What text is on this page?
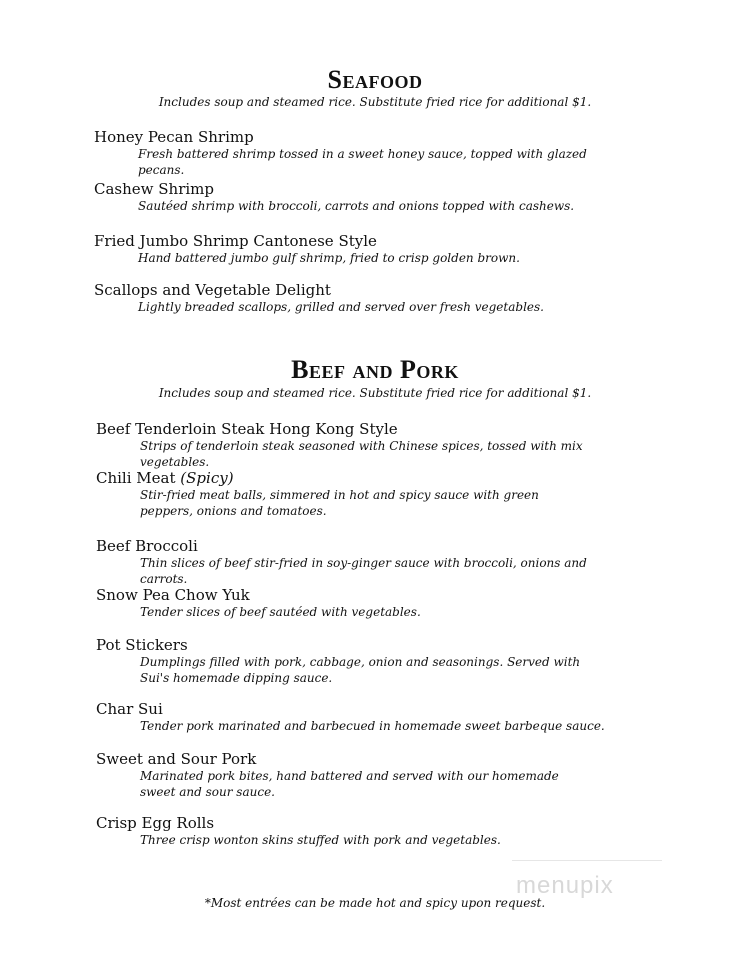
Seafood
Includes soup and steamed rice. Substitute fried rice for additional $1.
Honey Pecan Shrimp
Fresh battered shrimp tossed in a sweet honey sauce, topped with glazed pecans.
Cashew Shrimp
Sautéed shrimp with broccoli, carrots and onions topped with cashews.
Fried Jumbo Shrimp Cantonese Style
Hand battered jumbo gulf shrimp, fried to crisp golden brown.
Scallops and Vegetable Delight
Lightly breaded scallops, grilled and served over fresh vegetables.
Beef and Pork
Includes soup and steamed rice. Substitute fried rice for additional $1.
Beef Tenderloin Steak Hong Kong Style
Strips of tenderloin steak seasoned with Chinese spices, tossed with mix vegetables.
Chili Meat (Spicy)
Stir-fried meat balls, simmered in hot and spicy sauce with green peppers, onions and tomatoes.
Beef Broccoli
Thin slices of beef stir-fried in soy-ginger sauce with broccoli, onions and carrots.
Snow Pea Chow Yuk
Tender slices of beef sautéed with vegetables.
Pot Stickers
Dumplings filled with pork, cabbage, onion and seasonings. Served with Sui's homemade dipping sauce.
Char Sui
Tender pork marinated and barbecued in homemade sweet barbeque sauce.
Sweet and Sour Pork
Marinated pork bites, hand battered and served with our homemade sweet and sour sauce.
Crisp Egg Rolls
Three crisp wonton skins stuffed with pork and vegetables.
menupix
*Most entrées can be made hot and spicy upon request.
